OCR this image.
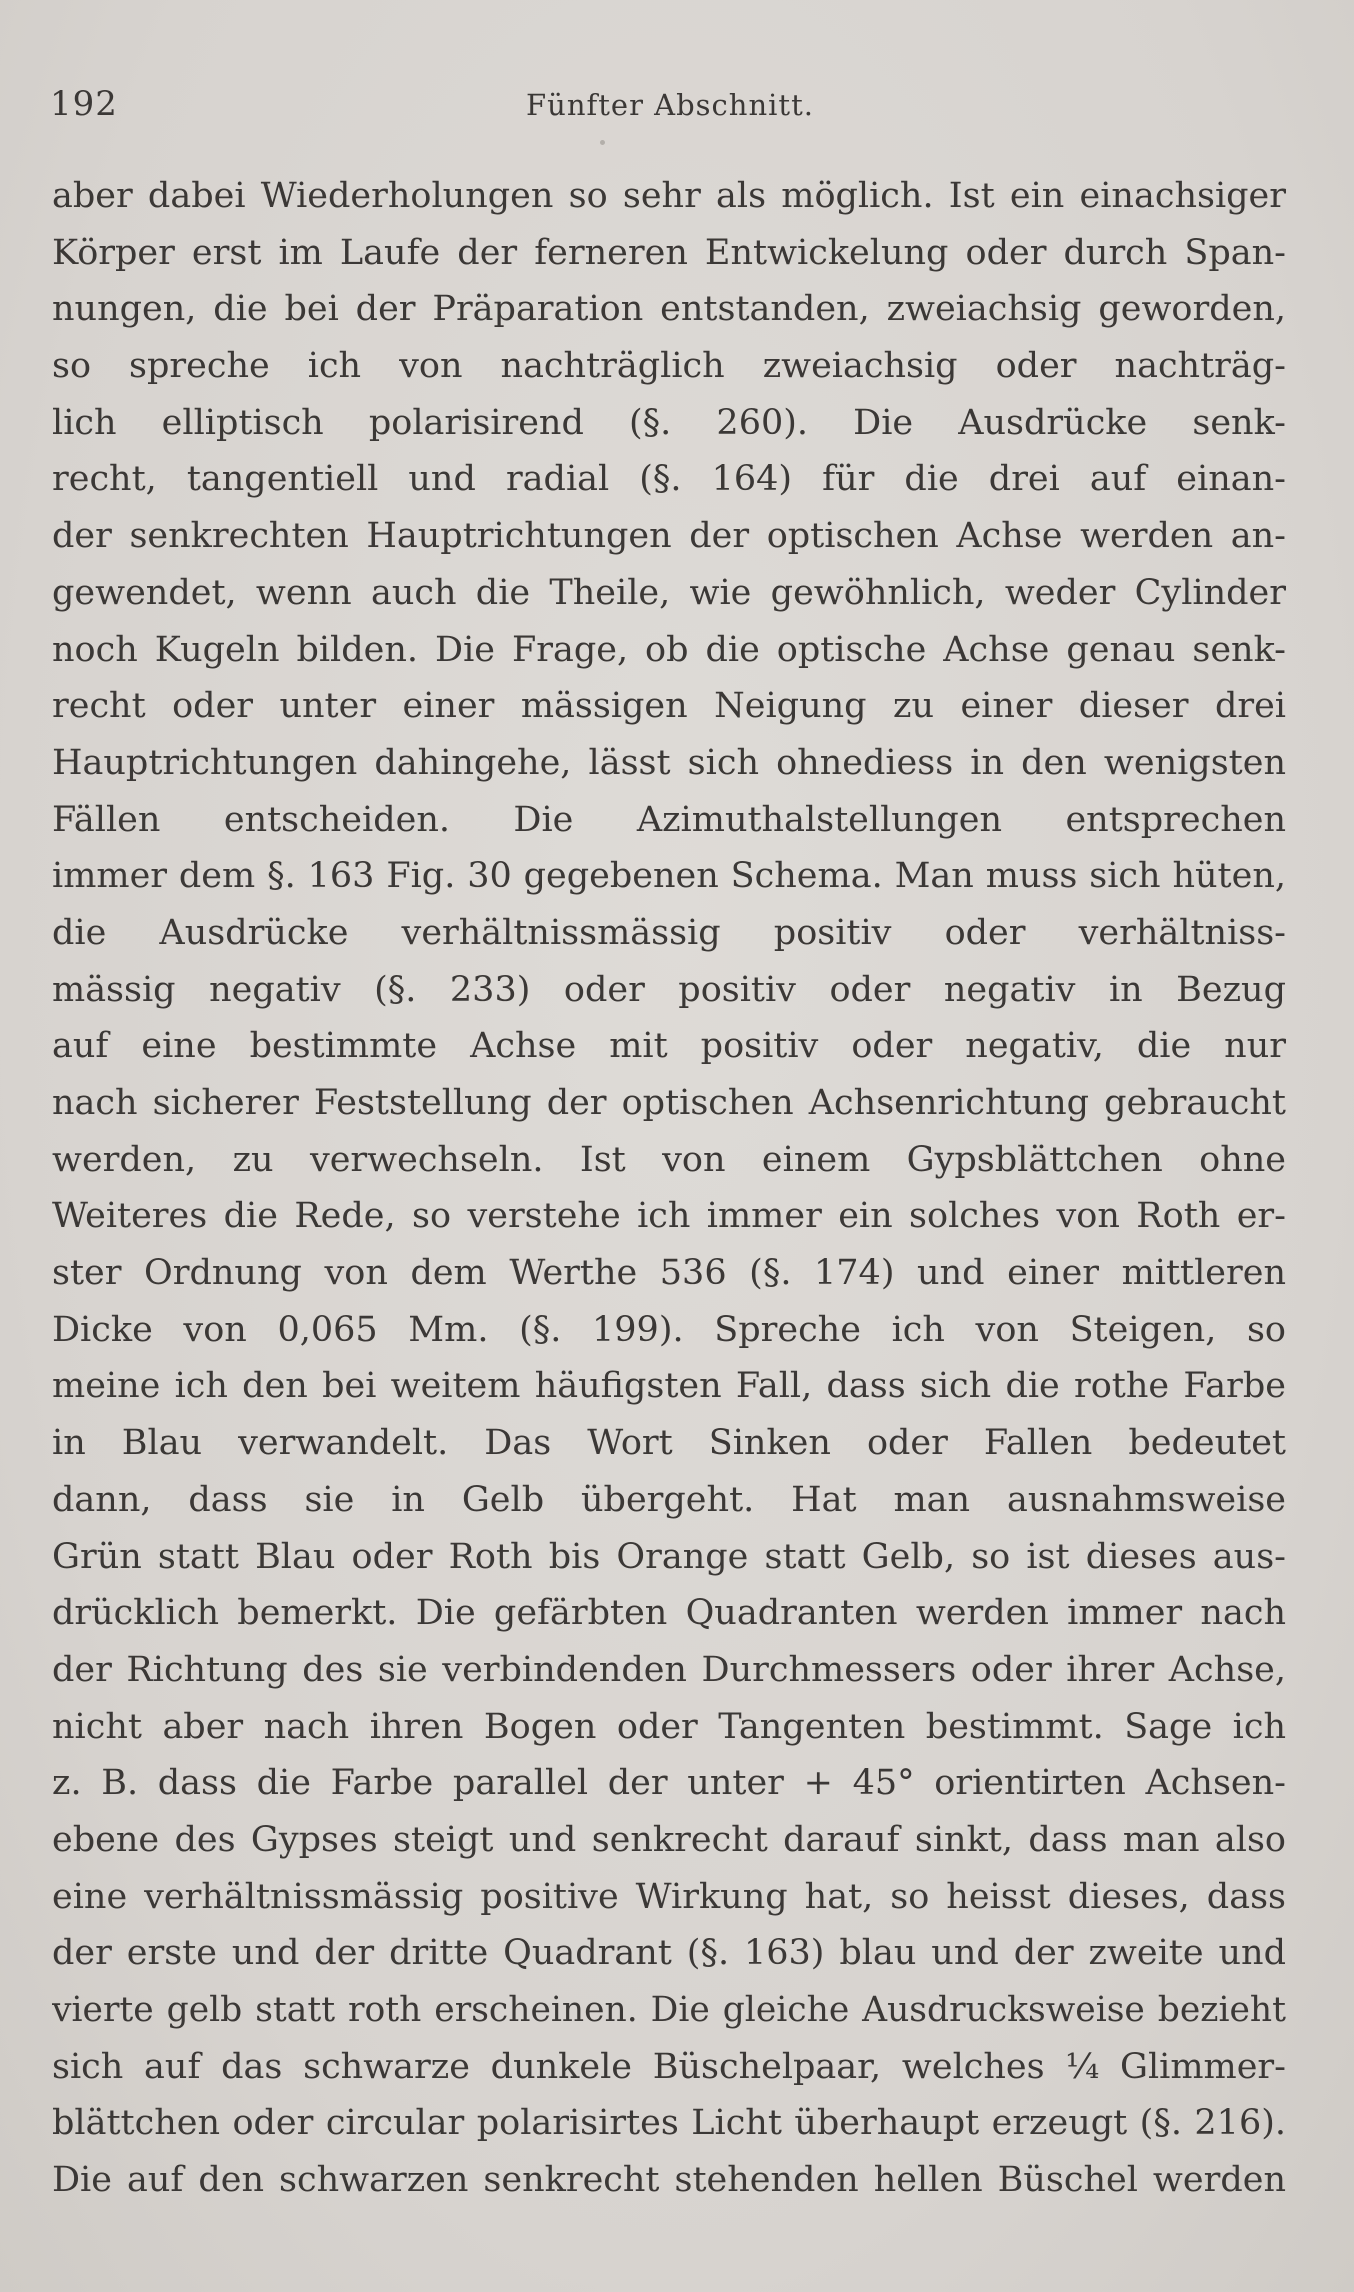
192	Fünfter Abschnitt.
aber dabei Wiederholungen so sehr als möglich. Ist ein einachsiger
Körper erst im Laufe der ferneren Entwickelung oder durch Span-
nungen, die bei der Präparation entstanden, zweiachsig geworden,
so spreche ich von nachträglich zweiachsig oder nachträg-
lich elliptisch polarisirend (§. 260). Die Ausdrücke senk-
recht, tangentiell und radial (§. 164) für die drei auf einan-
der senkrechten Hauptrichtungen der optischen Achse werden an-
gewendet, wenn auch die Theile, wie gewöhnlich, weder Cylinder
noch Kugeln bilden. Die Frage, ob die optische Achse genau senk-
recht oder unter einer mässigen Neigung zu einer dieser drei
Hauptrichtungen dahingehe, lässt sich ohnediess in den wenigsten
Fällen entscheiden. Die Azimuthalstellungen entsprechen
immer dem §. 163 Fig. 30 gegebenen Schema. Man muss sich hüten,
die Ausdrücke verhältnissmässig positiv oder verhältniss-
mässig negativ (§. 233) oder positiv oder negativ in Bezug
auf eine bestimmte Achse mit positiv oder negativ, die nur
nach sicherer Feststellung der optischen Achsenrichtung gebraucht
werden, zu verwechseln. Ist von einem Gypsblättchen ohne
Weiteres die Rede, so verstehe ich immer ein solches von Roth er-
ster Ordnung von dem Werthe 536 (§. 174) und einer mittleren
Dicke von 0,065 Mm. (§. 199). Spreche ich von Steigen, so
meine ich den bei weitem häufigsten Fall, dass sich die rothe Farbe
in Blau verwandelt. Das Wort Sinken oder Fallen bedeutet
dann, dass sie in Gelb übergeht. Hat man ausnahmsweise
Grün statt Blau oder Roth bis Orange statt Gelb, so ist dieses aus-
drücklich bemerkt. Die gefärbten Quadranten werden immer nach
der Richtung des sie verbindenden Durchmessers oder ihrer Achse,
nicht aber nach ihren Bogen oder Tangenten bestimmt. Sage ich
z. B. dass die Farbe parallel der unter + 45° orientirten Achsen-
ebene des Gypses steigt und senkrecht darauf sinkt, dass man also
eine verhältnissmässig positive Wirkung hat, so heisst dieses, dass
der erste und der dritte Quadrant (§. 163) blau und der zweite und
vierte gelb statt roth erscheinen. Die gleiche Ausdrucksweise bezieht
sich auf das schwarze dunkele Büschelpaar, welches ¼ Glimmer-
blättchen oder circular polarisirtes Licht überhaupt erzeugt (§. 216).
Die auf den schwarzen senkrecht stehenden hellen Büschel werden
